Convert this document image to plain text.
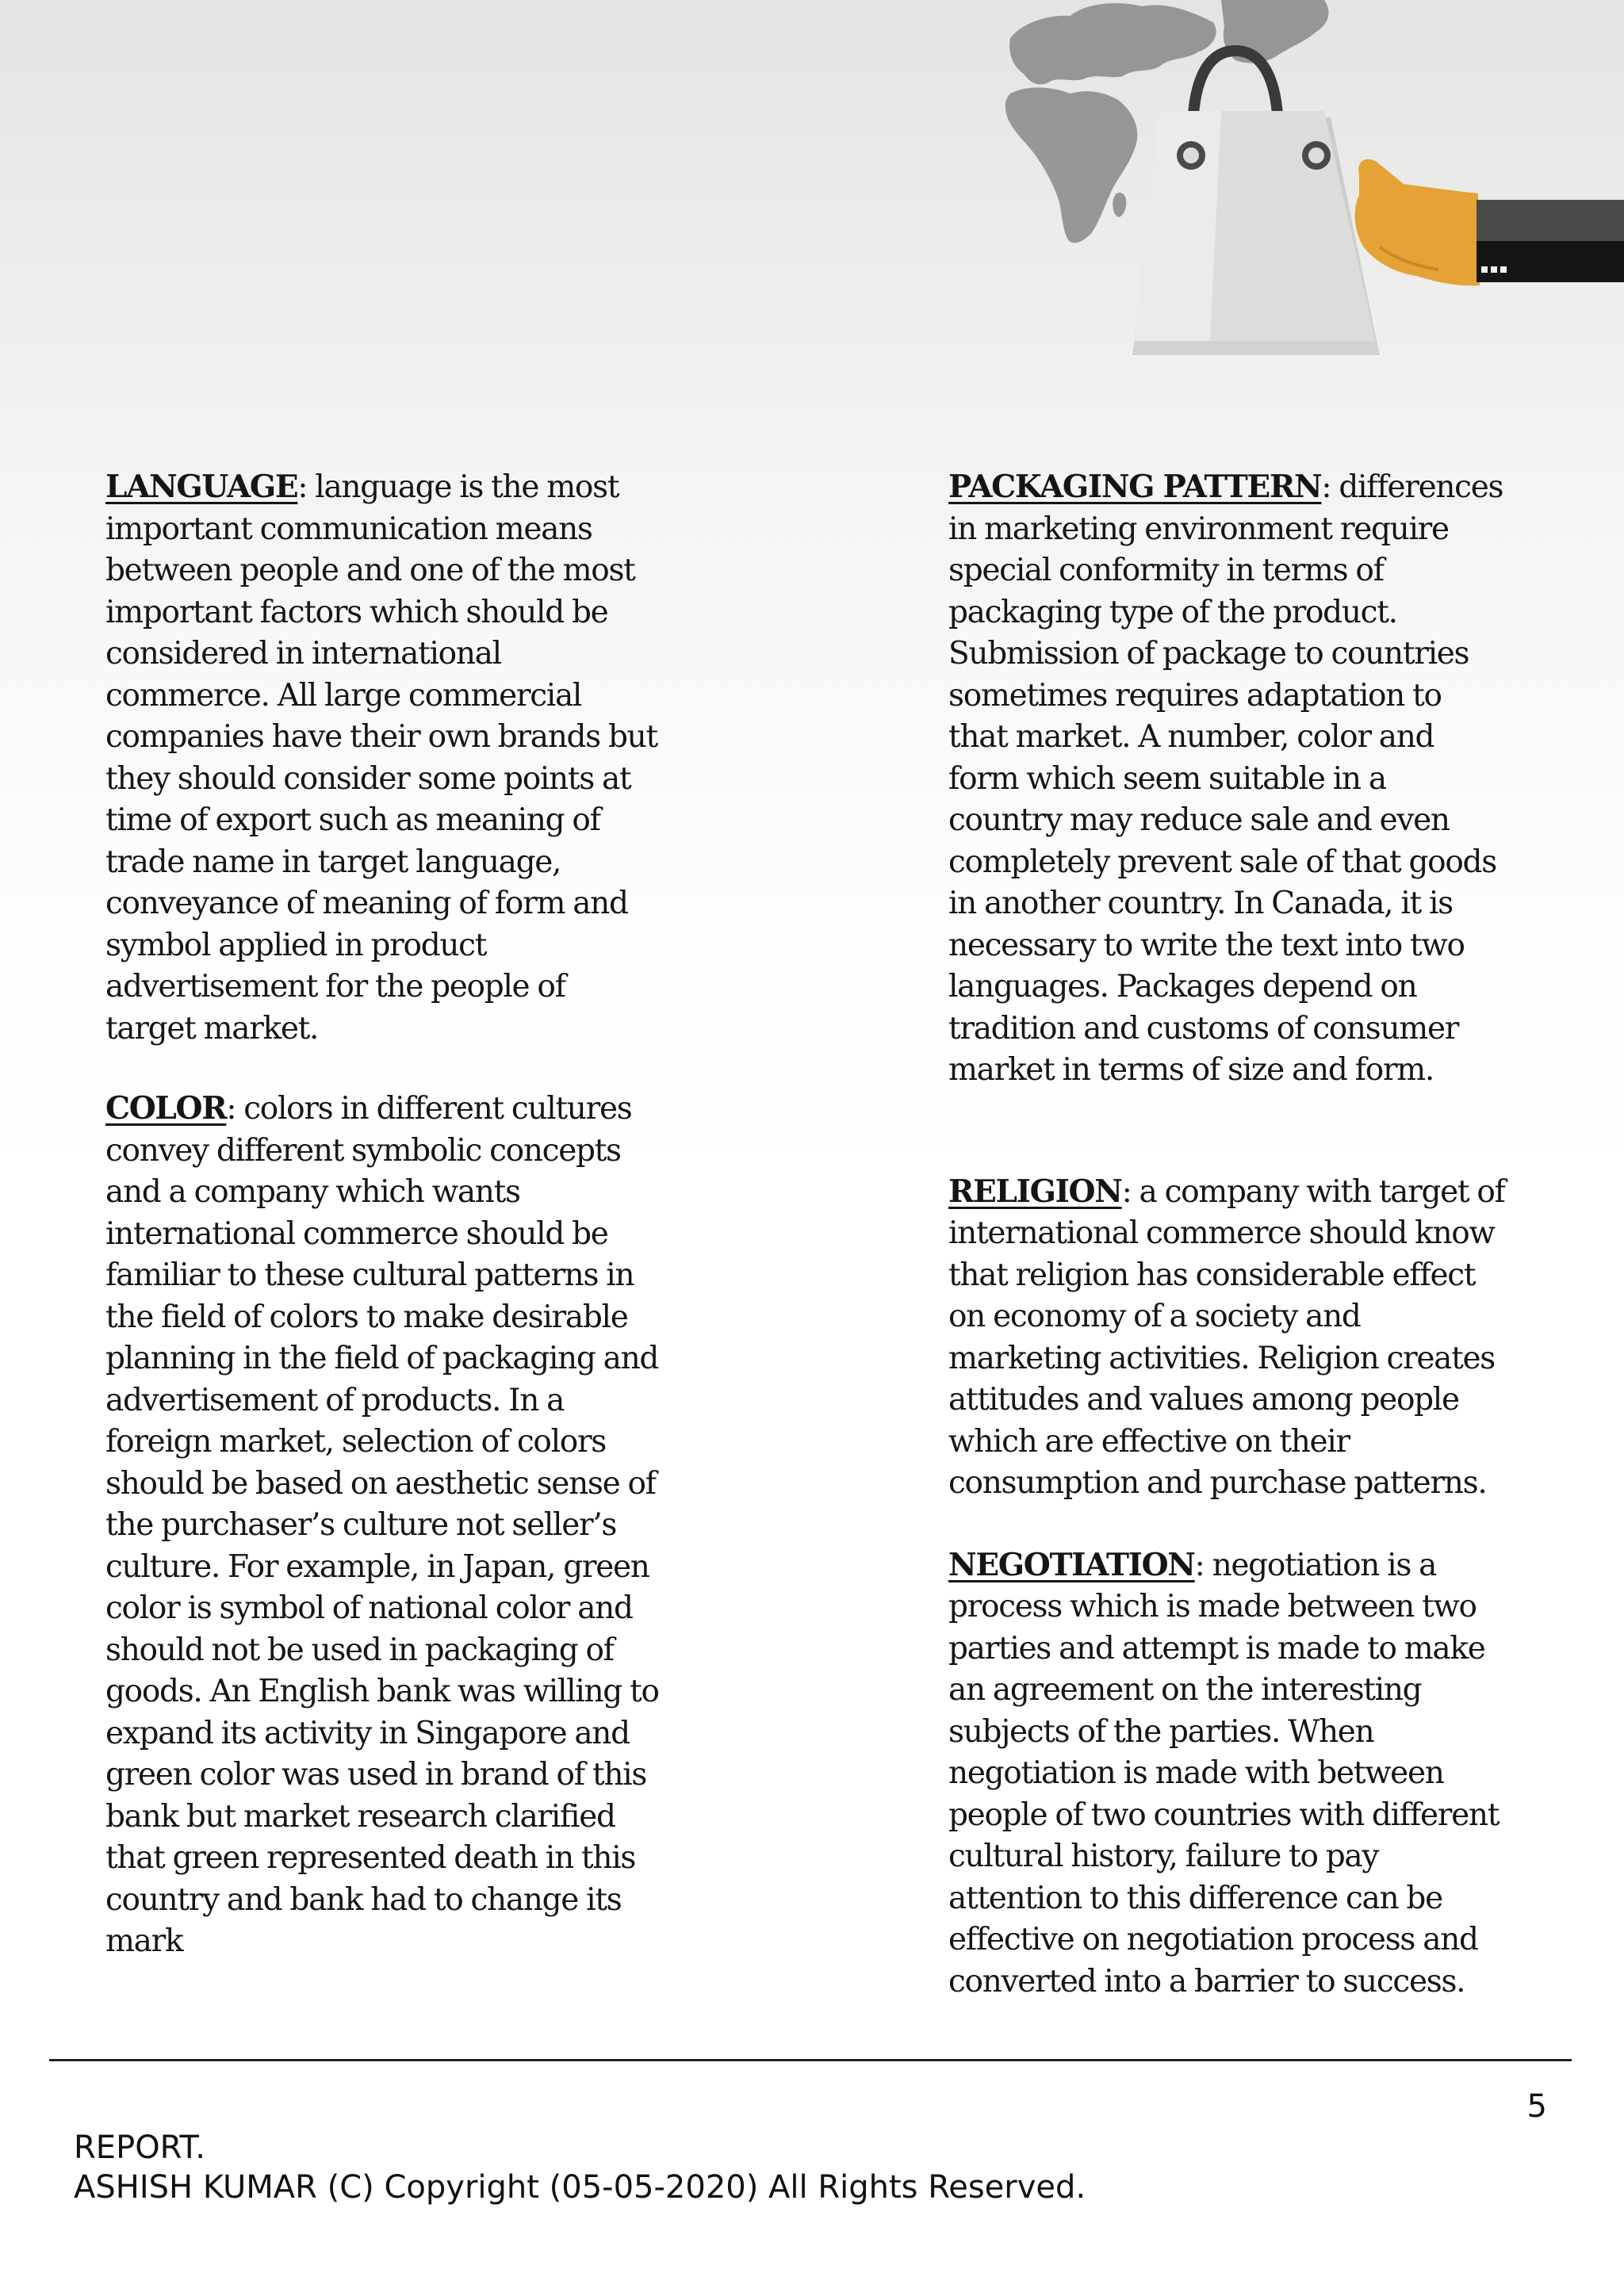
LANGUAGE: language is the most
important communication means
between people and one of the most
important factors which should be
considered in international
commerce. All large commercial
companies have their own brands but
they should consider some points at
time of export such as meaning of
trade name in target language,
conveyance of meaning of form and
symbol applied in product
advertisement for the people of
target market.

COLOR: colors in different cultures
convey different symbolic concepts
and a company which wants
international commerce should be
familiar to these cultural patterns in
the field of colors to make desirable
planning in the field of packaging and
advertisement of products. In a
foreign market, selection of colors
should be based on aesthetic sense of
the purchaser’s culture not seller’s
culture. For example, in Japan, green
color is symbol of national color and
should not be used in packaging of
goods. An English bank was willing to
expand its activity in Singapore and
green color was used in brand of this
bank but market research clarified
that green represented death in this
country and bank had to change its
mark

PACKAGING PATTERN: differences
in marketing environment require
special conformity in terms of
packaging type of the product.
Submission of package to countries
sometimes requires adaptation to
that market. A number, color and
form which seem suitable in a
country may reduce sale and even
completely prevent sale of that goods
in another country. In Canada, it is
necessary to write the text into two
languages. Packages depend on
tradition and customs of consumer
market in terms of size and form.

RELIGION: a company with target of
international commerce should know
that religion has considerable effect
on economy of a society and
marketing activities. Religion creates
attitudes and values among people
which are effective on their
consumption and purchase patterns.

NEGOTIATION: negotiation is a
process which is made between two
parties and attempt is made to make
an agreement on the interesting
subjects of the parties. When
negotiation is made with between
people of two countries with different
cultural history, failure to pay
attention to this difference can be
effective on negotiation process and
converted into a barrier to success.

5
REPORT.
ASHISH KUMAR (C) Copyright (05-05-2020) All Rights Reserved.
